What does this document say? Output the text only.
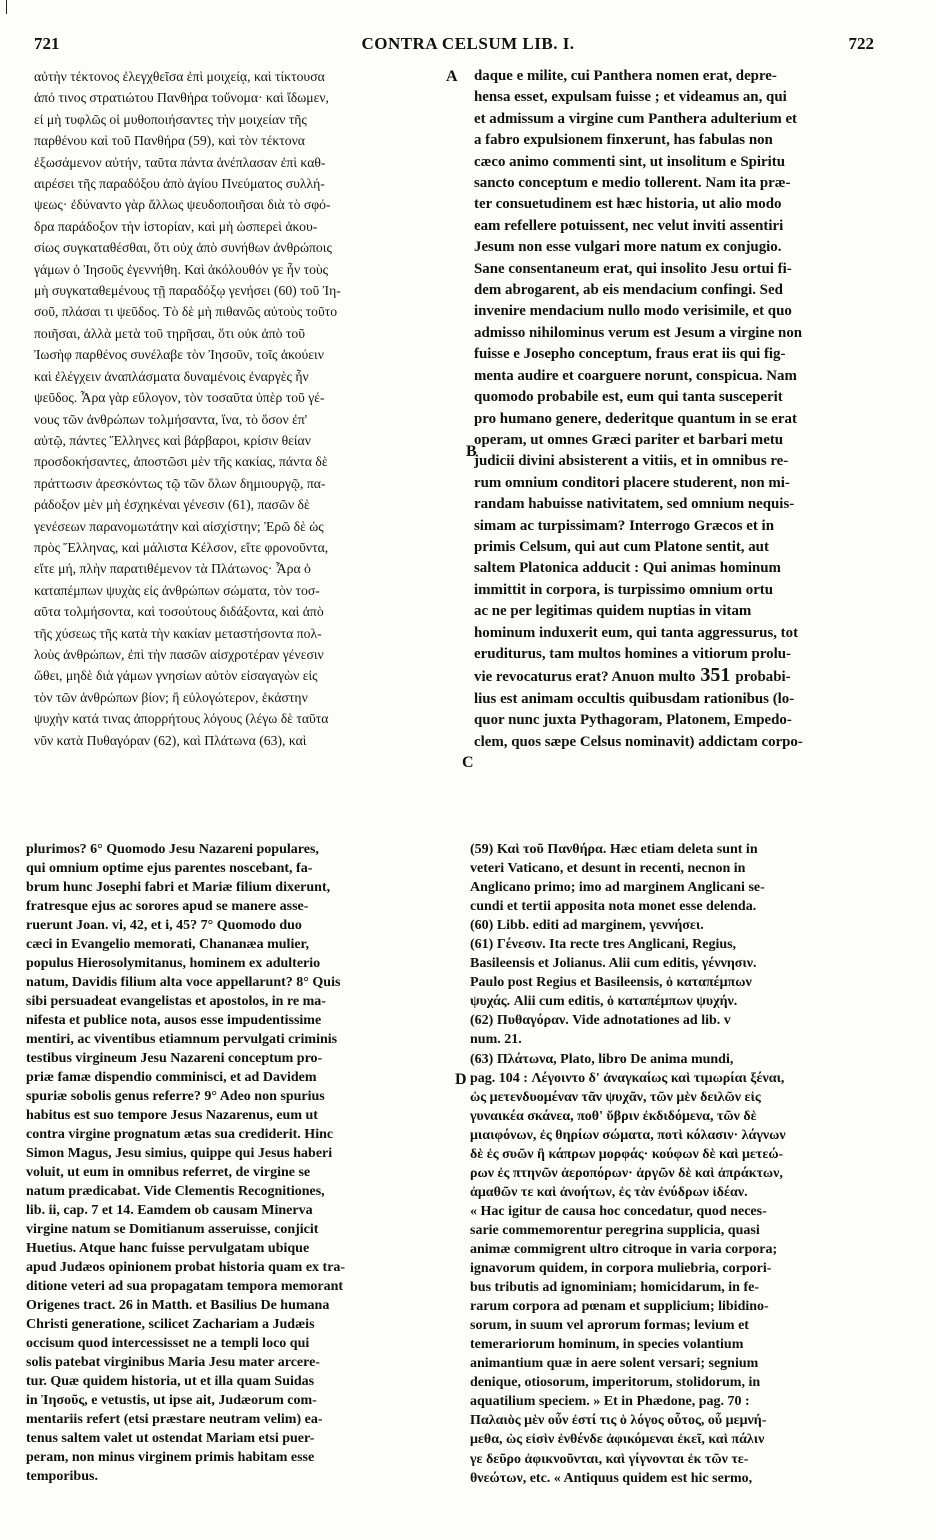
721	CONTRA CELSUM LIB. I.	722
A
B
C
D

αὐτὴν τέκτονος ἐλεγχθεῖσα ἐπὶ μοιχείᾳ, καὶ τίκτουσα

ἀπό τινος στρατιώτου Πανθήρα τοὔνομα· καὶ ἴδωμεν,

εἰ μὴ τυφλῶς οἱ μυθοποιήσαντες τὴν μοιχείαν τῆς

παρθένου καὶ τοῦ Πανθήρα (59), καὶ τὸν τέκτονα

ἐξωσάμενον αὐτήν, ταῦτα πάντα ἀνέπλασαν ἐπὶ καθ-

αιρέσει τῆς παραδόξου ἀπὸ ἁγίου Πνεύματος συλλή-

ψεως· ἐδύναντο γὰρ ἄλλως ψευδοποιῆσαι διὰ τὸ σφό-

δρα παράδοξον τὴν ἱστορίαν, καὶ μὴ ὡσπερεὶ ἀκου-

σίως συγκαταθέσθαι, ὅτι οὐχ ἀπὸ συνήθων ἀνθρώποις

γάμων ὁ Ἰησοῦς ἐγεννήθη. Καὶ ἀκόλουθόν γε ἦν τοὺς

μὴ συγκαταθεμένους τῇ παραδόξῳ γενήσει (60) τοῦ Ἰη-

σοῦ, πλάσαι τι ψεῦδος. Τὸ δὲ μὴ πιθανῶς αὐτοὺς τοῦτο

ποιῆσαι, ἀλλὰ μετὰ τοῦ τηρῆσαι, ὅτι οὐκ ἀπὸ τοῦ

Ἰωσὴφ παρθένος συνέλαβε τὸν Ἰησοῦν, τοῖς ἀκούειν

καὶ ἐλέγχειν ἀναπλάσματα δυναμένοις ἐναργὲς ἦν

ψεῦδος. Ἆρα γὰρ εὔλογον, τὸν τοσαῦτα ὑπὲρ τοῦ γέ-

νους τῶν ἀνθρώπων τολμήσαντα, ἵνα, τὸ ὅσον ἐπ'

αὐτῷ, πάντες Ἕλληνες καὶ βάρβαροι, κρίσιν θείαν

προσδοκήσαντες, ἀποστῶσι μὲν τῆς κακίας, πάντα δὲ

πράττωσιν ἀρεσκόντως τῷ τῶν ὅλων δημιουργῷ, πα-

ράδοξον μὲν μὴ ἐσχηκέναι γένεσιν (61), πασῶν δὲ

γενέσεων παρανομωτάτην καὶ αἰσχίστην; Ἐρῶ δὲ ὡς

πρὸς Ἕλληνας, καὶ μάλιστα Κέλσον, εἴτε φρονοῦντα,

εἴτε μή, πλὴν παρατιθέμενον τὰ Πλάτωνος· Ἆρα ὁ

καταπέμπων ψυχὰς εἰς ἀνθρώπων σώματα, τὸν τοσ-

αῦτα τολμήσοντα, καὶ τοσούτους διδάξοντα, καὶ ἀπὸ

τῆς χύσεως τῆς κατὰ τὴν κακίαν μεταστήσοντα πολ-

λοὺς ἀνθρώπων, ἐπὶ τὴν πασῶν αἰσχροτέραν γένεσιν

ὤθει, μηδὲ διὰ γάμων γνησίων αὐτὸν εἰσαγαγὼν εἰς

τὸν τῶν ἀνθρώπων βίον; ἢ εὐλογώτερον, ἑκάστην

ψυχὴν κατά τινας ἀπορρήτους λόγους (λέγω δὲ ταῦτα

νῦν κατὰ Πυθαγόραν (62), καὶ Πλάτωνα (63), καὶ

daque e milite, cui Panthera nomen erat, depre-

hensa esset, expulsam fuisse ; et videamus an, qui

et admissum a virgine cum Panthera adulterium et

a fabro expulsionem finxerunt, has fabulas non

cæco animo commenti sint, ut insolitum e Spiritu

sancto conceptum e medio tollerent. Nam ita præ-

ter consuetudinem est hæc historia, ut alio modo

eam refellere potuissent, nec velut inviti assentiri

Jesum non esse vulgari more natum ex conjugio.

Sane consentaneum erat, qui insolito Jesu ortui fi-

dem abrogarent, ab eis mendacium confingi. Sed

invenire mendacium nullo modo verisimile, et quo

admisso nihilominus verum est Jesum a virgine non

fuisse e Josepho conceptum, fraus erat iis qui fig-

menta audire et coarguere norunt, conspicua. Nam

quomodo probabile est, eum qui tanta susceperit

pro humano genere, dederitque quantum in se erat

operam, ut omnes Græci pariter et barbari metu

judicii divini absisterent a vitiis, et in omnibus re-

rum omnium conditori placere studerent, non mi-

randam habuisse nativitatem, sed omnium nequis-

simam ac turpissimam? Interrogo Græcos et in

primis Celsum, qui aut cum Platone sentit, aut

saltem Platonica adducit : Qui animas hominum

immittit in corpora, is turpissimo omnium ortu

ac ne per legitimas quidem nuptias in vitam

hominum induxerit eum, qui tanta aggressurus, tot

eruditurus, tam multos homines a vitiorum prolu-

vie revocaturus erat? Anuon multo 351 probabi-

lius est animam occultis quibusdam rationibus (lo-

quor nunc juxta Pythagoram, Platonem, Empedo-

clem, quos sæpe Celsus nominavit) addictam corpo-

plurimos? 6° Quomodo Jesu Nazareni populares,

qui omnium optime ejus parentes noscebant, fa-

brum hunc Josephi fabri et Mariæ filium dixerunt,

fratresque ejus ac sorores apud se manere asse-

ruerunt Joan. vi, 42, et i, 45? 7° Quomodo duo

cæci in Evangelio memorati, Chananæa mulier,

populus Hierosolymitanus, hominem ex adulterio

natum, Davidis filium alta voce appellarunt? 8° Quis

sibi persuadeat evangelistas et apostolos, in re ma-

nifesta et publice nota, ausos esse impudentissime

mentiri, ac viventibus etiamnum pervulgati criminis

testibus virgineum Jesu Nazareni conceptum pro-

priæ famæ dispendio comminisci, et ad Davidem

spuriæ sobolis genus referre? 9° Adeo non spurius

habitus est suo tempore Jesus Nazarenus, eum ut

contra virgine prognatum ætas sua crediderit. Hinc

Simon Magus, Jesu simius, quippe qui Jesus haberi

voluit, ut eum in omnibus referret, de virgine se

natum prædicabat. Vide Clementis Recognitiones,

lib. ii, cap. 7 et 14. Eamdem ob causam Minerva

virgine natum se Domitianum asseruisse, conjicit

Huetius. Atque hanc fuisse pervulgatam ubique

apud Judæos opinionem probat historia quam ex tra-

ditione veteri ad sua propagatam tempora memorant

Origenes tract. 26 in Matth. et Basilius De humana

Christi generatione, scilicet Zachariam a Judæis

occisum quod intercessisset ne a templi loco qui

solis patebat virginibus Maria Jesu mater arcere-

tur. Quæ quidem historia, ut et illa quam Suidas

in Ἰησοῦς, e vetustis, ut ipse ait, Judæorum com-

mentariis refert (etsi præstare neutram velim) ea-

tenus saltem valet ut ostendat Mariam etsi puer-

peram, non minus virginem primis habitam esse

temporibus.

(59) Καὶ τοῦ Πανθήρα. Hæc etiam deleta sunt in

veteri Vaticano, et desunt in recenti, necnon in

Anglicano primo; imo ad marginem Anglicani se-

cundi et tertii apposita nota monet esse delenda.

(60) Libb. editi ad marginem, γεννήσει.

(61) Γένεσιν. Ita recte tres Anglicani, Regius,

Basileensis et Jolianus. Alii cum editis, γέννησιν.

Paulo post Regius et Basileensis, ὁ καταπέμπων

ψυχάς. Alii cum editis, ὁ καταπέμπων ψυχήν.

(62) Πυθαγόραν. Vide adnotationes ad lib. v

num. 21.

(63) Πλάτωνα, Plato, libro De anima mundi,

pag. 104 : Λέγοιντο δ' ἀναγκαίως καὶ τιμωρίαι ξέναι,

ὡς μετενδυομέναν τᾶν ψυχᾶν, τῶν μὲν δειλῶν εἰς

γυναικέα σκάνεα, ποθ' ὕβριν ἐκδιδόμενα, τῶν δὲ

μιαιφόνων, ἐς θηρίων σώματα, ποτὶ κόλασιν· λάγνων

δὲ ἐς συῶν ἢ κάπρων μορφάς· κούφων δὲ καὶ μετεώ-

ρων ἐς πτηνῶν ἀεροπόρων· ἀργῶν δὲ καὶ ἀπράκτων,

ἀμαθῶν τε καὶ ἀνοήτων, ἐς τὰν ἐνύδρων ἰδέαν.

« Hac igitur de causa hoc concedatur, quod neces-

sarie commemorentur peregrina supplicia, quasi

animæ commigrent ultro citroque in varia corpora;

ignavorum quidem, in corpora muliebria, corpori-

bus tributis ad ignominiam; homicidarum, in fe-

rarum corpora ad pœnam et supplicium; libidino-

sorum, in suum vel aprorum formas; levium et

temerariorum hominum, in species volantium

animantium quæ in aere solent versari; segnium

denique, otiosorum, imperitorum, stolidorum, in

aquatilium speciem. » Et in Phædone, pag. 70 :

Παλαιὸς μὲν οὖν ἐστί τις ὁ λόγος οὗτος, οὗ μεμνή-

μεθα, ὡς εἰσὶν ἐνθένδε ἀφικόμεναι ἐκεῖ, καὶ πάλιν

γε δεῦρο ἀφικνοῦνται, καὶ γίγνονται ἐκ τῶν τε-

θνεώτων, etc. « Antiquus quidem est hic sermo,
